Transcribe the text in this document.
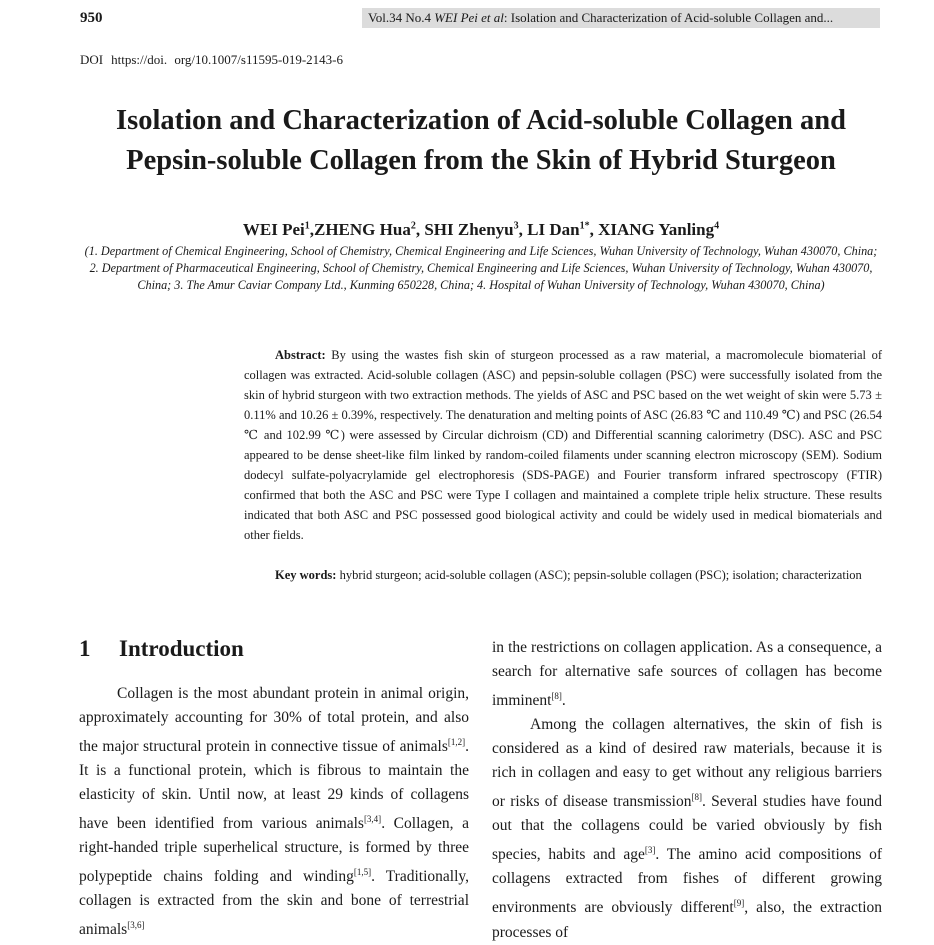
950	Vol.34 No.4 WEI Pei et al: Isolation and Characterization of Acid-soluble Collagen and...
DOI https://doi. org/10.1007/s11595-019-2143-6
Isolation and Characterization of Acid-soluble Collagen and
Pepsin-soluble Collagen from the Skin of Hybrid Sturgeon

WEI Pei$^1$,ZHENG Hua$^2$, SHI Zhenyu$^3$, LI Dan$^{1*}$, XIANG Yanling$^4$

(1. Department of Chemical Engineering, School of Chemistry, Chemical Engineering and Life Sciences, Wuhan University of Technology, Wuhan 430070, China; 2. Department of Pharmaceutical Engineering, School of Chemistry, Chemical Engineering and Life Sciences, Wuhan University of Technology, Wuhan 430070, China; 3. The Amur Caviar Company Ltd., Kunming 650228, China; 4. Hospital of Wuhan University of Technology, Wuhan 430070, China)

Abstract: By using the wastes fish skin of sturgeon processed as a raw material, a macromolecule biomaterial of collagen was extracted. Acid-soluble collagen (ASC) and pepsin-soluble collagen (PSC) were successfully isolated from the skin of hybrid sturgeon with two extraction methods. The yields of ASC and PSC based on the wet weight of skin were 5.73 ± 0.11% and 10.26 ± 0.39%, respectively. The denaturation and melting points of ASC (26.83 ℃ and 110.49 ℃) and PSC (26.54 ℃ and 102.99 ℃) were assessed by Circular dichroism (CD) and Differential scanning calorimetry (DSC). ASC and PSC appeared to be dense sheet-like film linked by random-coiled filaments under scanning electron microscopy (SEM). Sodium dodecyl sulfate-polyacrylamide gel electrophoresis (SDS-PAGE) and Fourier transform infrared spectroscopy (FTIR) confirmed that both the ASC and PSC were Type I collagen and maintained a complete triple helix structure. These results indicated that both ASC and PSC possessed good biological activity and could be widely used in medical biomaterials and other fields.

Key words: hybrid sturgeon; acid-soluble collagen (ASC); pepsin-soluble collagen (PSC); isolation; characterization

1 Introduction

Collagen is the most abundant protein in animal origin, approximately accounting for 30% of total protein, and also the major structural protein in connective tissue of animals[1,2]. It is a functional protein, which is fibrous to maintain the elasticity of skin. Until now, at least 29 kinds of collagens have been identified from various animals[3,4]. Collagen, a right-handed triple superhelical structure, is formed by three polypeptide chains folding and winding[1,5]. Traditionally, collagen is extracted from the skin and bone of terrestrial animals[3,6]

in the restrictions on collagen application. As a consequence, a search for alternative safe sources of collagen has become imminent[8].

Among the collagen alternatives, the skin of fish is considered as a kind of desired raw materials, because it is rich in collagen and easy to get without any religious barriers or risks of disease transmission[8]. Several studies have found out that the collagens could be varied obviously by fish species, habits and age[3]. The amino acid compositions of collagens extracted from fishes of different growing environments are obviously different[9], also, the extraction processes of
